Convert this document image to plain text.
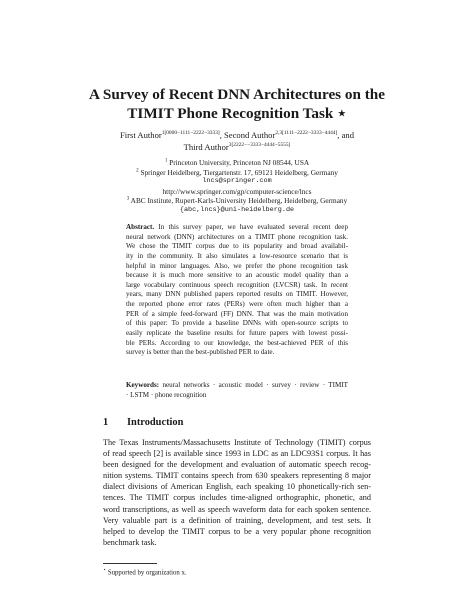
A Survey of Recent DNN Architectures on the
TIMIT Phone Recognition Task ⋆
First Author$^{1[0000-1111-2222-3333]}$, Second Author$^{2,3[1111-2222-3333-4444]}$, and
Third Author$^{3[2222--3333-4444-5555]}$
$^1$ Princeton University, Princeton NJ 08544, USA
$^2$ Springer Heidelberg, Tiergartenstr. 17, 69121 Heidelberg, Germany
lncs@springer.com
http://www.springer.com/gp/computer-science/lncs
$^3$ ABC Institute, Rupert-Karls-University Heidelberg, Heidelberg, Germany
{abc,lncs}@uni-heidelberg.de
Abstract. In this survey paper, we have evaluated several recent deep
neural network (DNN) architectures on a TIMIT phone recognition task.
We chose the TIMIT corpus due to its popularity and broad availabil-
ity in the community. It also simulates a low-resource scenario that is
helpful in minor languages. Also, we prefer the phone recognition task
because it is much more sensitive to an acoustic model quality than a
large vocabulary continuous speech recognition (LVCSR) task. In recent
years, many DNN published papers reported results on TIMIT. However,
the reported phone error rates (PERs) were often much higher than a
PER of a simple feed-forward (FF) DNN. That was the main motivation
of this paper: To provide a baseline DNNs with open-source scripts to
easily replicate the baseline results for future papers with lowest possi-
ble PERs. According to our knowledge, the best-achieved PER of this
survey is better than the best-published PER to date.
Keywords: neural networks · acoustic model · survey · review · TIMIT
· LSTM · phone recognition
1 Introduction
The Texas Instruments/Massachusetts Institute of Technology (TIMIT) corpus
of read speech [2] is available since 1993 in LDC as an LDC93S1 corpus. It has
been designed for the development and evaluation of automatic speech recog-
nition systems. TIMIT contains speech from 630 speakers representing 8 major
dialect divisions of American English, each speaking 10 phonetically-rich sen-
tences. The TIMIT corpus includes time-aligned orthographic, phonetic, and
word transcriptions, as well as speech waveform data for each spoken sentence.
Very valuable part is a definition of training, development, and test sets. It
helped to develop the TIMIT corpus to be a very popular phone recognition
benchmark task.
⋆ Supported by organization x.
